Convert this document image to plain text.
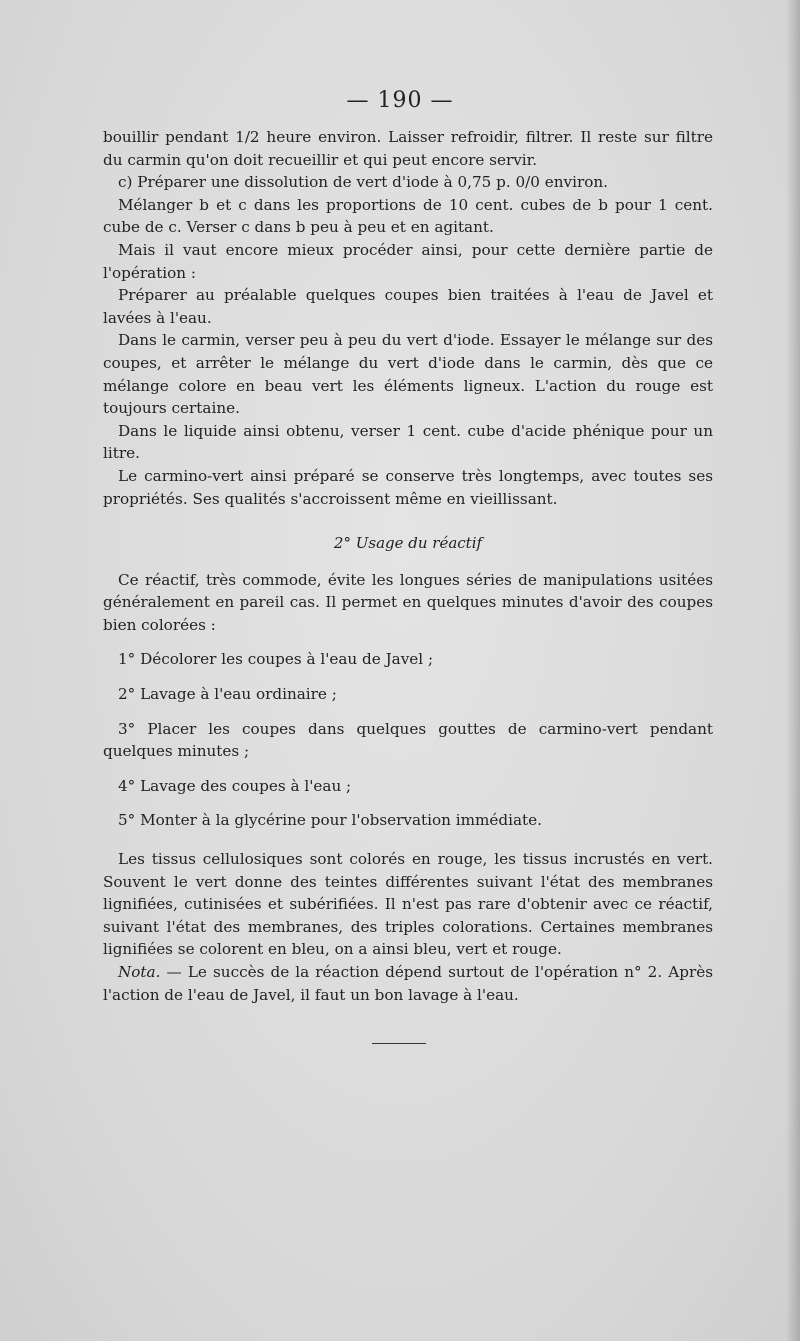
— 190 —

bouillir pendant 1/2 heure environ. Laisser refroidir, filtrer. Il reste sur filtre du carmin qu'on doit recueillir et qui peut encore servir.

c) Préparer une dissolution de vert d'iode à 0,75 p. 0/0 environ.

Mélanger b et c dans les proportions de 10 cent. cubes de b pour 1 cent. cube de c. Verser c dans b peu à peu et en agitant.

Mais il vaut encore mieux procéder ainsi, pour cette dernière partie de l'opération :

Préparer au préalable quelques coupes bien traitées à l'eau de Javel et lavées à l'eau.

Dans le carmin, verser peu à peu du vert d'iode. Essayer le mélange sur des coupes, et arrêter le mélange du vert d'iode dans le carmin, dès que ce mélange colore en beau vert les éléments ligneux. L'action du rouge est toujours certaine.

Dans le liquide ainsi obtenu, verser 1 cent. cube d'acide phénique pour un litre.

Le carmino-vert ainsi préparé se conserve très longtemps, avec toutes ses propriétés. Ses qualités s'accroissent même en vieillissant.

2° Usage du réactif

Ce réactif, très commode, évite les longues séries de manipulations usitées généralement en pareil cas. Il permet en quelques minutes d'avoir des coupes bien colorées :

1° Décolorer les coupes à l'eau de Javel ;

2° Lavage à l'eau ordinaire ;

3° Placer les coupes dans quelques gouttes de carmino-vert pendant quelques minutes ;

4° Lavage des coupes à l'eau ;

5° Monter à la glycérine pour l'observation immédiate.

Les tissus cellulosiques sont colorés en rouge, les tissus incrustés en vert. Souvent le vert donne des teintes différentes suivant l'état des membranes lignifiées, cutinisées et subérifiées. Il n'est pas rare d'obtenir avec ce réactif, suivant l'état des membranes, des triples colorations. Certaines membranes lignifiées se colorent en bleu, on a ainsi bleu, vert et rouge.

Nota. — Le succès de la réaction dépend surtout de l'opération n° 2. Après l'action de l'eau de Javel, il faut un bon lavage à l'eau.
